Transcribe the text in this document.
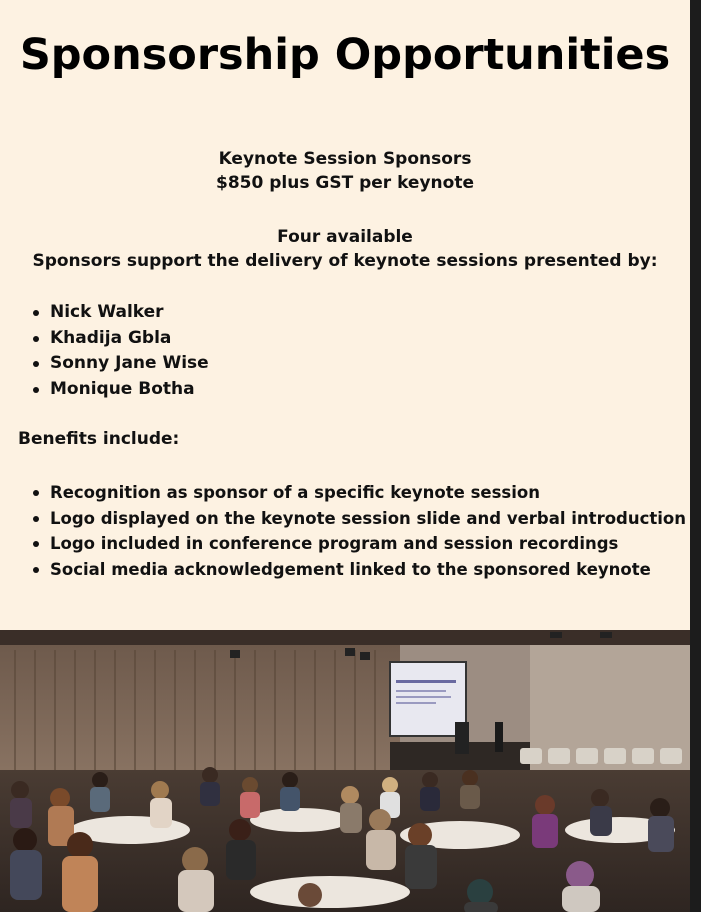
Sponsorship Opportunities
Keynote Session Sponsors
$850 plus GST per keynote
Four available
Sponsors support the delivery of keynote sessions presented by:
Nick Walker
Khadija Gbla
Sonny Jane Wise
Monique Botha
Benefits include:
Recognition as sponsor of a specific keynote session
Logo displayed on the keynote session slide and verbal introduction
Logo included in conference program and session recordings
Social media acknowledgement linked to the sponsored keynote
